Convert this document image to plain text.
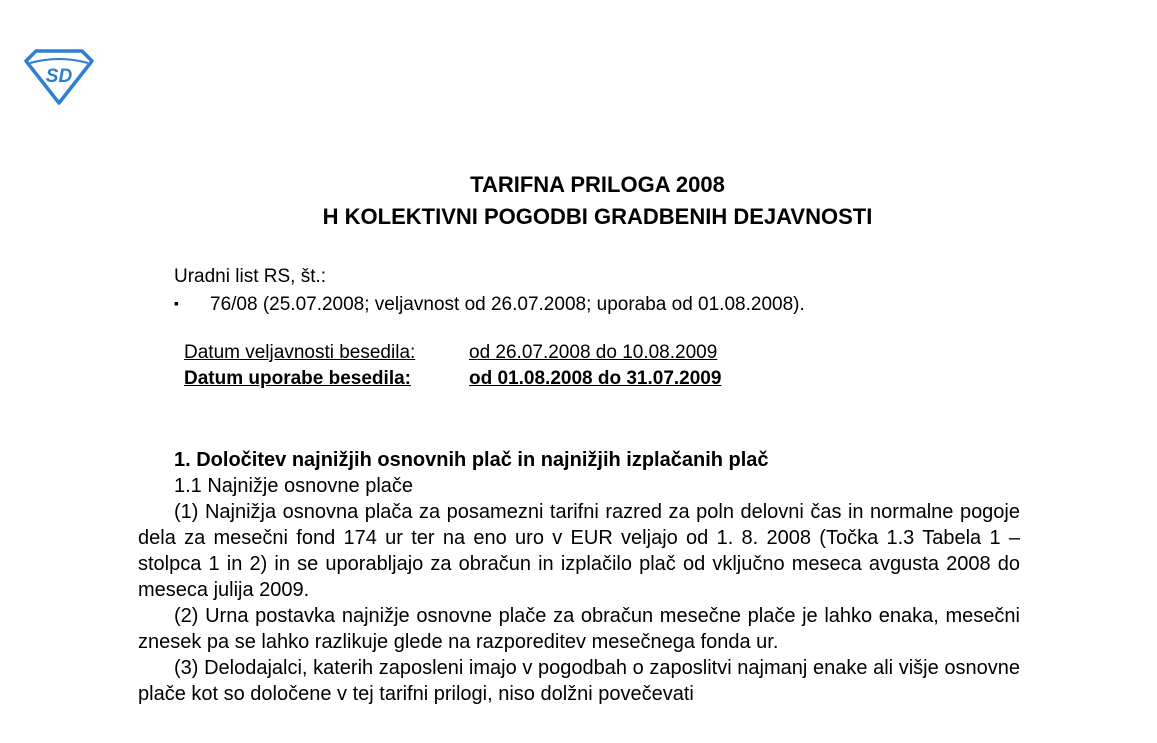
SD
TARIFNA PRILOGA 2008
H KOLEKTIVNI POGODBI GRADBENIH DEJAVNOSTI
Uradni list RS, št.:
▪ 76/08 (25.07.2008; veljavnost od 26.07.2008; uporaba od 01.08.2008).
Datum veljavnosti besedila:	od 26.07.2008 do 10.08.2009
Datum uporabe besedila:	od 01.08.2008 do 31.07.2009
1. Določitev najnižjih osnovnih plač in najnižjih izplačanih plač
1.1 Najnižje osnovne plače

(1) Najnižja osnovna plača za posamezni tarifni razred za poln delovni čas in normalne pogoje dela za mesečni fond 174 ur ter na eno uro v EUR veljajo od 1. 8. 2008 (Točka 1.3 Tabela 1 – stolpca 1 in 2) in se uporabljajo za obračun in izplačilo plač od vključno meseca avgusta 2008 do meseca julija 2009.

(2) Urna postavka najnižje osnovne plače za obračun mesečne plače je lahko enaka, mesečni znesek pa se lahko razlikuje glede na razporeditev mesečnega fonda ur.

(3) Delodajalci, katerih zaposleni imajo v pogodbah o zaposlitvi najmanj enake ali višje osnovne plače kot so določene v tej tarifni prilogi, niso dolžni povečevati
